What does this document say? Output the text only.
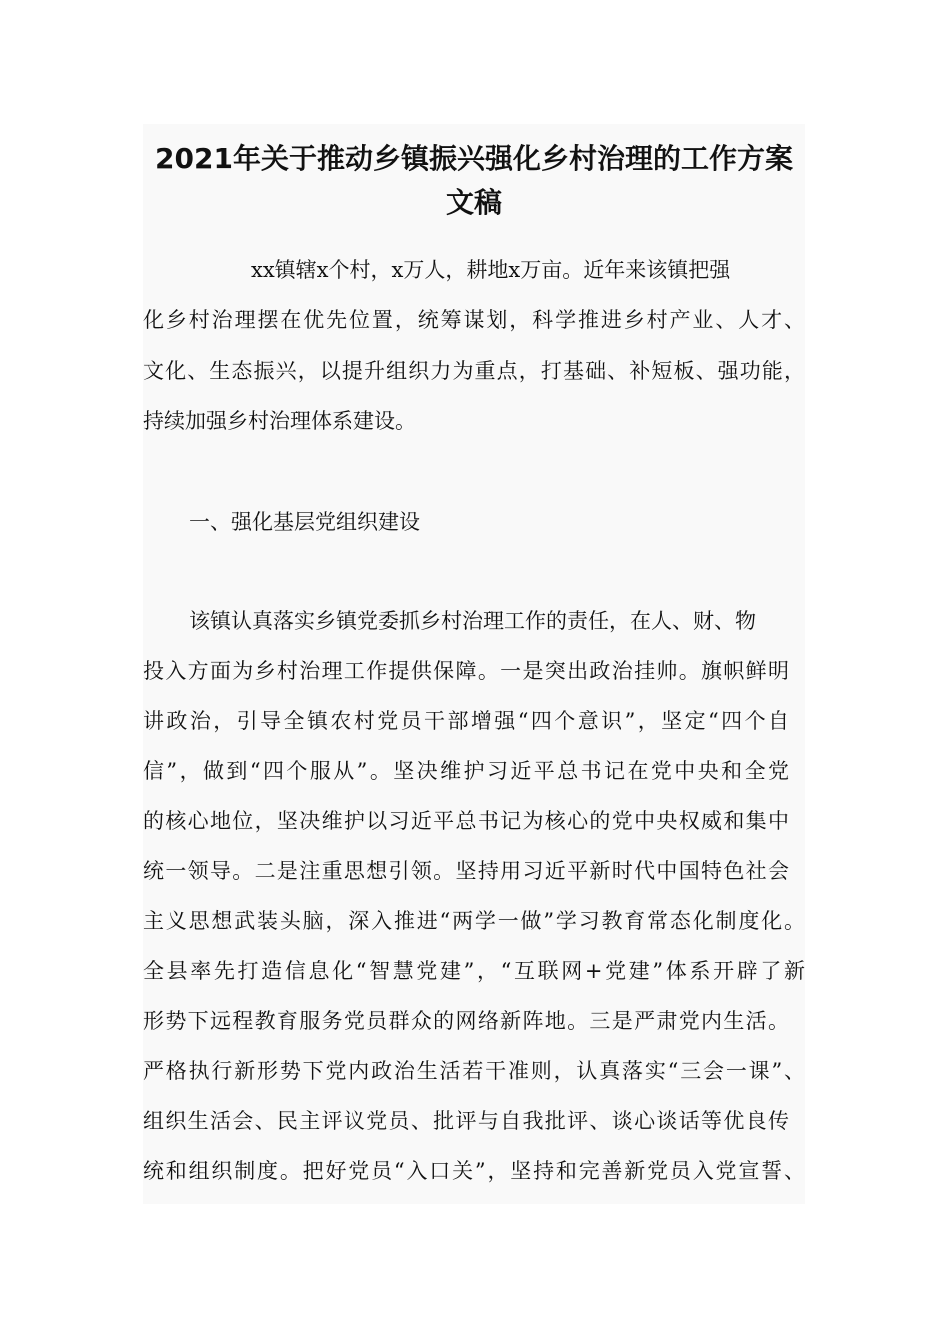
2021年关于推动乡镇振兴强化乡村治理的工作方案
文稿

xx镇辖x个村，x万人，耕地x万亩。近年来该镇把强

化乡村治理摆在优先位置，统筹谋划，科学推进乡村产业、人才、

文化、生态振兴，以提升组织力为重点，打基础、补短板、强功能，

持续加强乡村治理体系建设。

一、强化基层党组织建设

该镇认真落实乡镇党委抓乡村治理工作的责任，在人、财、物

投入方面为乡村治理工作提供保障。一是突出政治挂帅。旗帜鲜明

讲政治，引导全镇农村党员干部增强“四个意识”，坚定“四个自

信”，做到“四个服从”。坚决维护习近平总书记在党中央和全党

的核心地位，坚决维护以习近平总书记为核心的党中央权威和集中

统一领导。二是注重思想引领。坚持用习近平新时代中国特色社会

主义思想武装头脑，深入推进“两学一做”学习教育常态化制度化。

全县率先打造信息化“智慧党建”，“互联网+党建”体系开辟了新

形势下远程教育服务党员群众的网络新阵地。三是严肃党内生活。

严格执行新形势下党内政治生活若干准则，认真落实“三会一课”、

组织生活会、民主评议党员、批评与自我批评、谈心谈话等优良传

统和组织制度。把好党员“入口关”，坚持和完善新党员入党宣誓、
